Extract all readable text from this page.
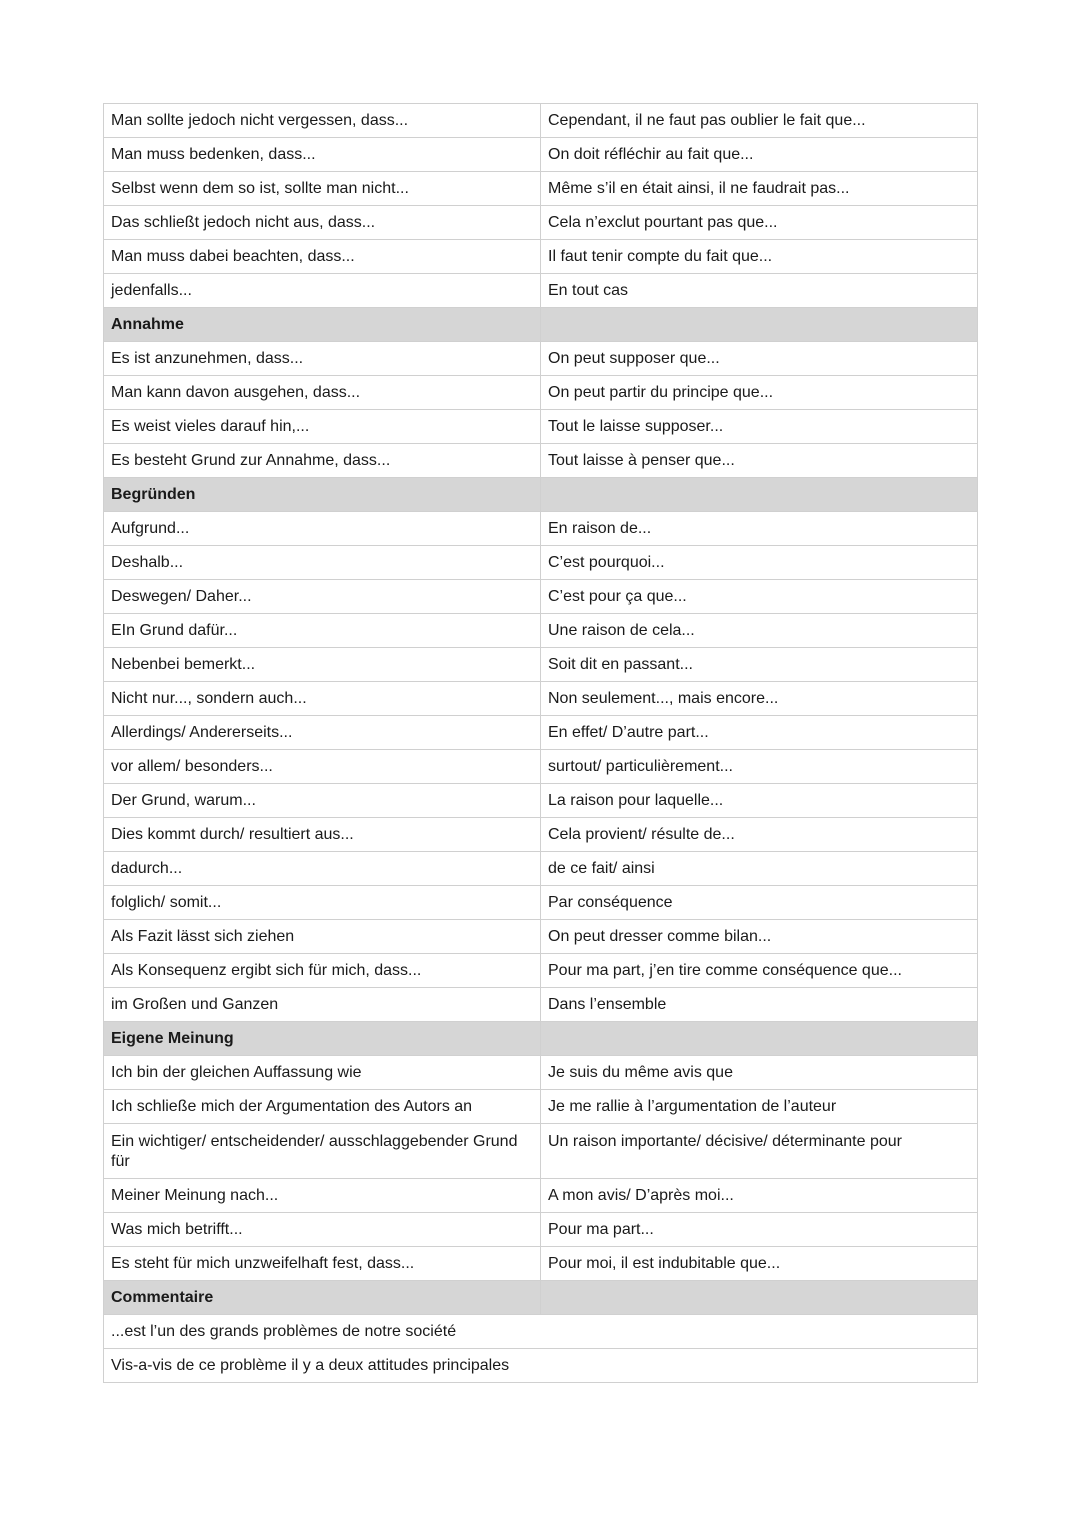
Man sollte jedoch nicht vergessen, dass...	Cependant, il ne faut pas oublier le fait que...
Man muss bedenken, dass...	On doit réfléchir au fait que...
Selbst wenn dem so ist, sollte man nicht...	Même s’il en était ainsi, il ne faudrait pas...
Das schließt jedoch nicht aus, dass...	Cela n’exclut pourtant pas que...
Man muss dabei beachten, dass...	Il faut tenir compte du fait que...
jedenfalls...	En tout cas
Annahme	
Es ist anzunehmen, dass...	On peut supposer que...
Man kann davon ausgehen, dass...	On peut partir du principe que...
Es weist vieles darauf hin,...	Tout le laisse supposer...
Es besteht Grund zur Annahme, dass...	Tout laisse à penser que...
Begründen	
Aufgrund...	En raison de...
Deshalb...	C’est pourquoi...
Deswegen/ Daher...	C’est pour ça que...
EIn Grund dafür...	Une raison de cela...
Nebenbei bemerkt...	Soit dit en passant...
Nicht nur..., sondern auch...	Non seulement..., mais encore...
Allerdings/ Andererseits...	En effet/ D’autre part...
vor allem/ besonders...	surtout/ particulièrement...
Der Grund, warum...	La raison pour laquelle...
Dies kommt durch/ resultiert aus...	Cela provient/ résulte de...
dadurch...	de ce fait/ ainsi
folglich/ somit...	Par conséquence
Als Fazit lässt sich ziehen	On peut dresser comme bilan...
Als Konsequenz ergibt sich für mich, dass...	Pour ma part, j’en tire comme conséquence que...
im Großen und Ganzen	Dans l’ensemble
Eigene Meinung	
Ich bin der gleichen Auffassung wie	Je suis du même avis que
Ich schließe mich der Argumentation des Autors an	Je me rallie à l’argumentation de l’auteur
Ein wichtiger/ entscheidender/ ausschlaggebender Grund für	Un raison importante/ décisive/ déterminante pour
Meiner Meinung nach...	A mon avis/ D’après moi...
Was mich betrifft...	Pour ma part...
Es steht für mich unzweifelhaft fest, dass...	Pour moi, il est indubitable que...
Commentaire	
...est l’un des grands problèmes de notre société	
Vis-a-vis de ce problème il y a deux attitudes principales	
